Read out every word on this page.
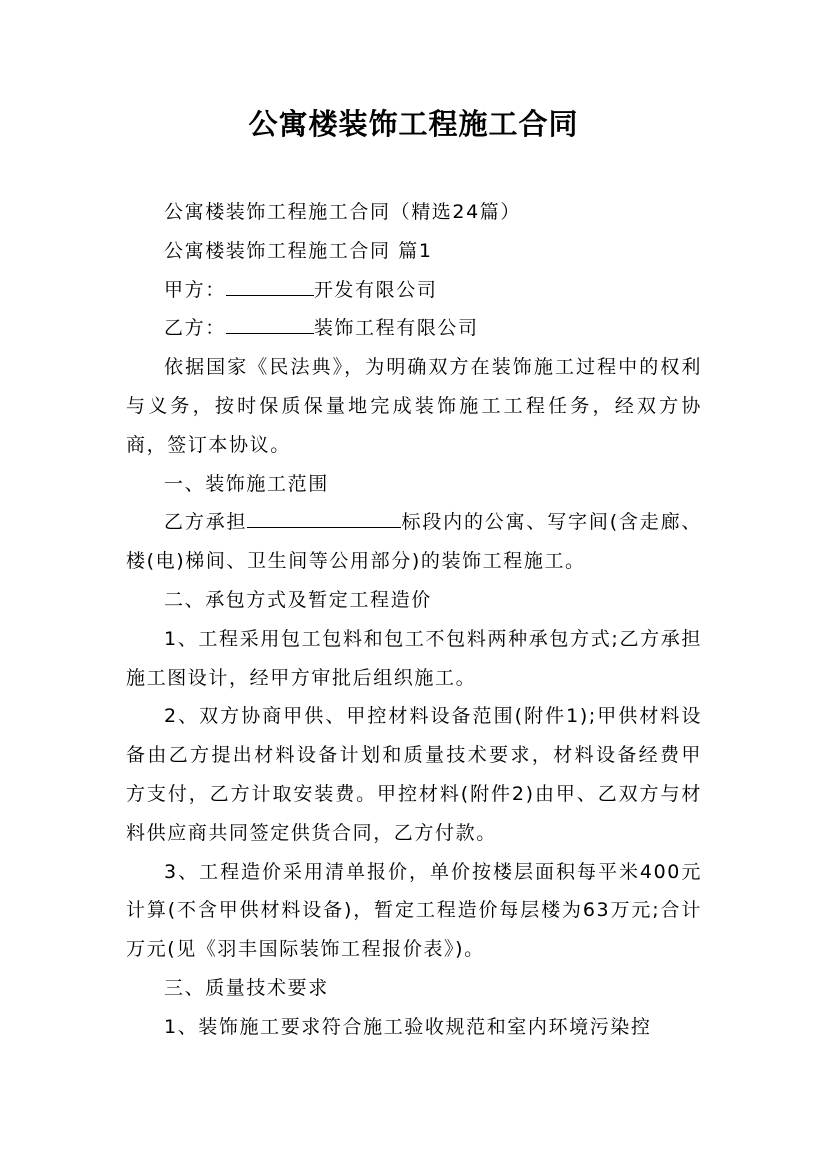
公寓楼装饰工程施工合同

公寓楼装饰工程施工合同（精选24篇）

公寓楼装饰工程施工合同 篇1

甲方：	开发有限公司

乙方：	装饰工程有限公司

依据国家《民法典》，为明确双方在装饰施工过程中的权利与义务，按时保质保量地完成装饰施工工程任务，经双方协商，签订本协议。

一、装饰施工范围

乙方承担	标段内的公寓、写字间(含走廊、楼(电)梯间、卫生间等公用部分)的装饰工程施工。

二、承包方式及暂定工程造价

1、工程采用包工包料和包工不包料两种承包方式;乙方承担施工图设计，经甲方审批后组织施工。

2、双方协商甲供、甲控材料设备范围(附件1);甲供材料设备由乙方提出材料设备计划和质量技术要求，材料设备经费甲方支付，乙方计取安装费。甲控材料(附件2)由甲、乙双方与材料供应商共同签定供货合同，乙方付款。

3、工程造价采用清单报价，单价按楼层面积每平米400元计算(不含甲供材料设备)，暂定工程造价每层楼为63万元;合计万元(见《羽丰国际装饰工程报价表》)。

三、质量技术要求

1、装饰施工要求符合施工验收规范和室内环境污染控
